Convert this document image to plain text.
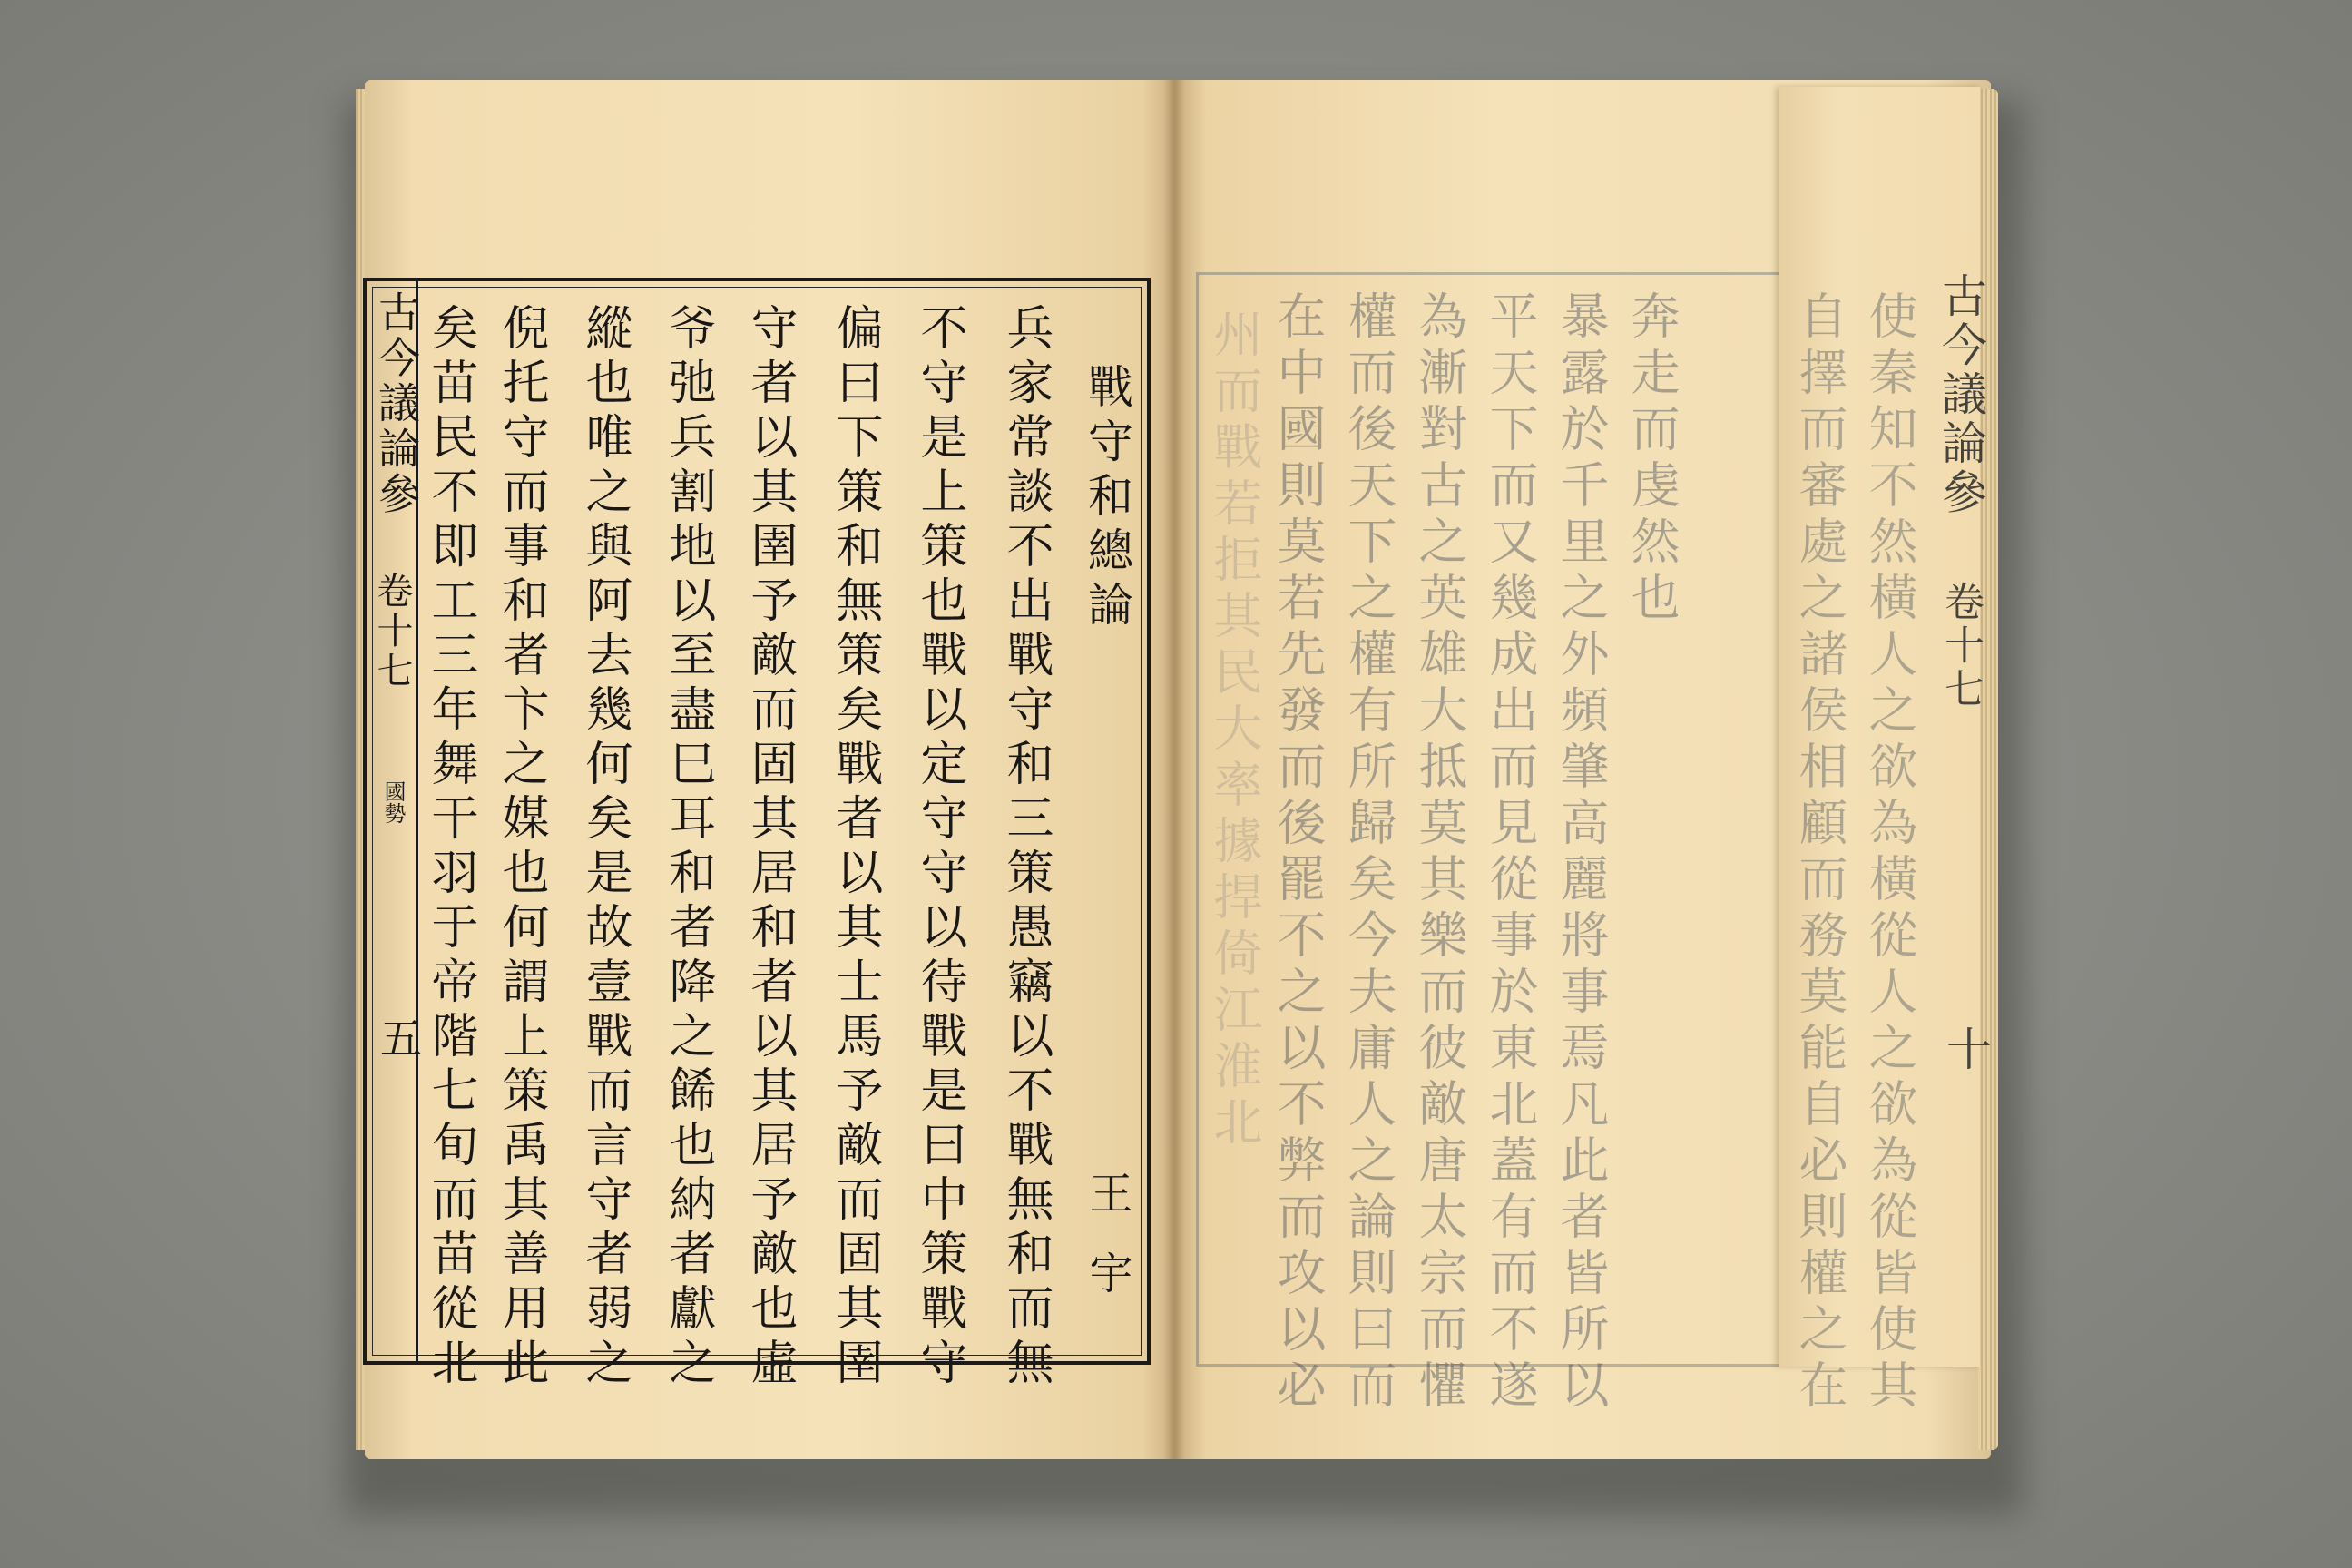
古今議論參
卷十七
國勢
五
戰守和總論
王宇
兵家常談不出戰守和三策愚竊以不戰無和而無
不守是上策也戰以定守守以待戰是曰中策戰守
偏曰下策和無策矣戰者以其士馬予敵而固其圉
守者以其圉予敵而固其居和者以其居予敵也虛
爷弛兵割地以至盡巳耳和者降之餙也納者獻之
縱也唯之與阿去幾何矣是故壹戰而言守者弱之
倪托守而事和者卞之媒也何謂上策禹其善用此
矣苗民不即工三年舞干羽于帝階七旬而苗從北	州而戰若拒其民大率據捍倚江淮北 在中國則莫若先發而後罷不之以不弊而攻以必 權而後天下之權有所歸矣今夫庸人之論則曰而 為漸對古之英雄大抵莫其樂而彼敵唐太宗而懼 平天下而又幾成出而見從事於東北蓋有而不遂 暴露於千里之外頻肇高麗將事焉凡此者皆所以 奔走而虔然也 自擇而審處之諸侯相顧而務莫能自必則權之在 使秦知不然橫人之欲為橫從人之欲為從皆使其 古今議論參
卷十七
十
